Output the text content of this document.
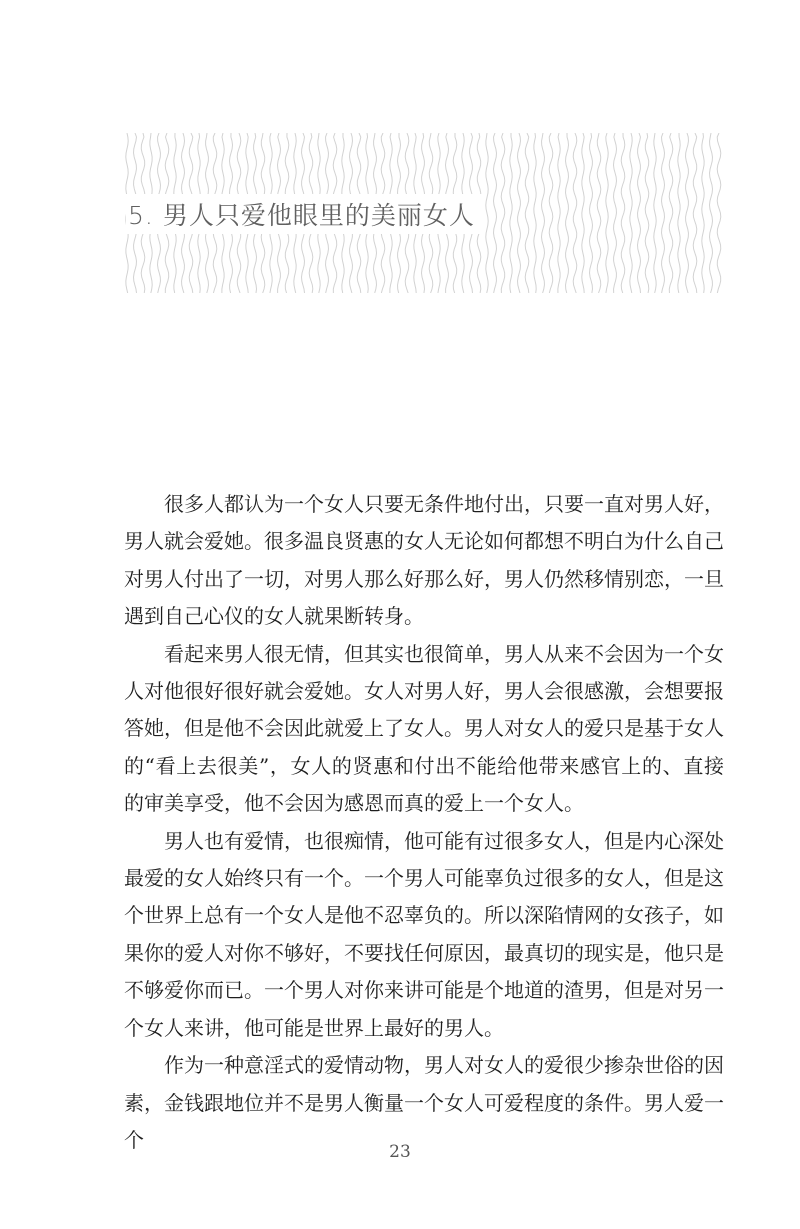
5. 男人只爱他眼里的美丽女人

很多人都认为一个女人只要无条件地付出，只要一直对男人好，男人就会爱她。很多温良贤惠的女人无论如何都想不明白为什么自己对男人付出了一切，对男人那么好那么好，男人仍然移情别恋，一旦遇到自己心仪的女人就果断转身。

看起来男人很无情，但其实也很简单，男人从来不会因为一个女人对他很好很好就会爱她。女人对男人好，男人会很感激，会想要报答她，但是他不会因此就爱上了女人。男人对女人的爱只是基于女人的“看上去很美”，女人的贤惠和付出不能给他带来感官上的、直接的审美享受，他不会因为感恩而真的爱上一个女人。

男人也有爱情，也很痴情，他可能有过很多女人，但是内心深处最爱的女人始终只有一个。一个男人可能辜负过很多的女人，但是这个世界上总有一个女人是他不忍辜负的。所以深陷情网的女孩子，如果你的爱人对你不够好，不要找任何原因，最真切的现实是，他只是不够爱你而已。一个男人对你来讲可能是个地道的渣男，但是对另一个女人来讲，他可能是世界上最好的男人。

作为一种意淫式的爱情动物，男人对女人的爱很少掺杂世俗的因素，金钱跟地位并不是男人衡量一个女人可爱程度的条件。男人爱一个

23
